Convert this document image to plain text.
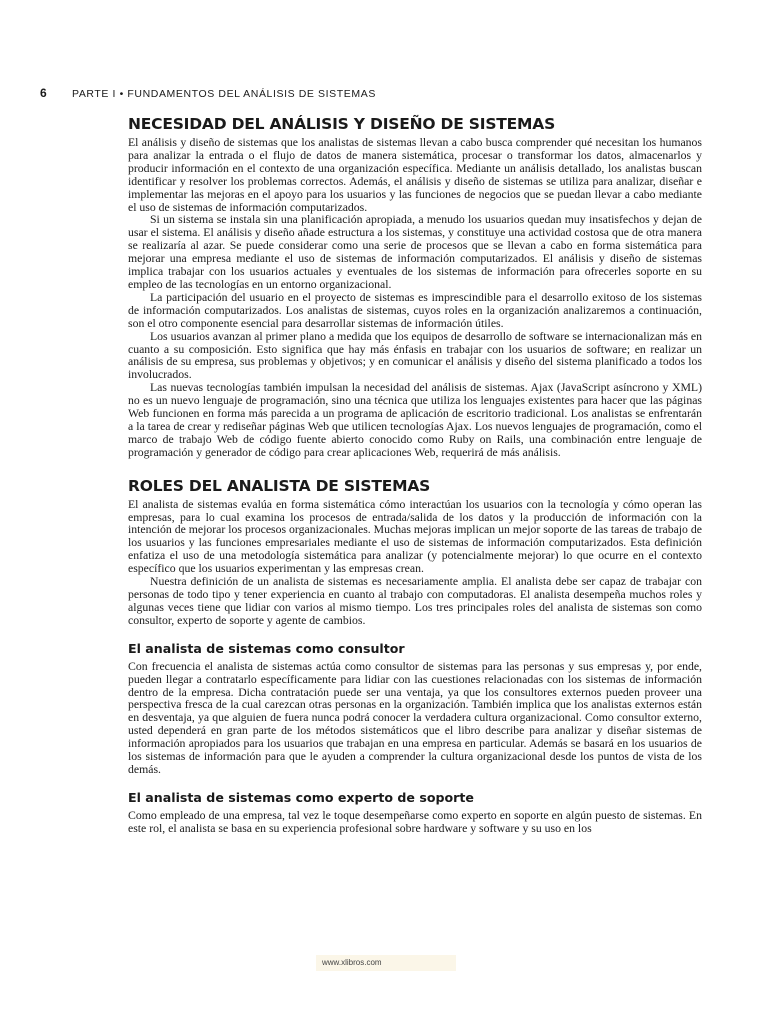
6 PARTE I • FUNDAMENTOS DEL ANÁLISIS DE SISTEMAS
NECESIDAD DEL ANÁLISIS Y DISEÑO DE SISTEMAS

El análisis y diseño de sistemas que los analistas de sistemas llevan a cabo busca comprender qué necesitan los humanos para analizar la entrada o el flujo de datos de manera sistemática, procesar o transformar los datos, almacenarlos y producir información en el contexto de una organización específica. Mediante un análisis detallado, los analistas buscan identificar y resolver los problemas correctos. Además, el análisis y diseño de sistemas se utiliza para analizar, diseñar e implementar las mejoras en el apoyo para los usuarios y las funciones de negocios que se puedan llevar a cabo mediante el uso de sistemas de información computarizados.

Si un sistema se instala sin una planificación apropiada, a menudo los usuarios quedan muy insatisfechos y dejan de usar el sistema. El análisis y diseño añade estructura a los sistemas, y constituye una actividad costosa que de otra manera se realizaría al azar. Se puede considerar como una serie de procesos que se llevan a cabo en forma sistemática para mejorar una empresa mediante el uso de sistemas de información computarizados. El análisis y diseño de sistemas implica trabajar con los usuarios actuales y eventuales de los sistemas de información para ofrecerles soporte en su empleo de las tecnologías en un entorno organizacional.

La participación del usuario en el proyecto de sistemas es imprescindible para el desarrollo exitoso de los sistemas de información computarizados. Los analistas de sistemas, cuyos roles en la organización analizaremos a continuación, son el otro componente esencial para desarrollar sistemas de información útiles.

Los usuarios avanzan al primer plano a medida que los equipos de desarrollo de software se internacionalizan más en cuanto a su composición. Esto significa que hay más énfasis en trabajar con los usuarios de software; en realizar un análisis de su empresa, sus problemas y objetivos; y en comunicar el análisis y diseño del sistema planificado a todos los involucrados.

Las nuevas tecnologías también impulsan la necesidad del análisis de sistemas. Ajax (JavaScript asíncrono y XML) no es un nuevo lenguaje de programación, sino una técnica que utiliza los lenguajes existentes para hacer que las páginas Web funcionen en forma más parecida a un programa de aplicación de escritorio tradicional. Los analistas se enfrentarán a la tarea de crear y rediseñar páginas Web que utilicen tecnologías Ajax. Los nuevos lenguajes de programación, como el marco de trabajo Web de código fuente abierto conocido como Ruby on Rails, una combinación entre lenguaje de programación y generador de código para crear aplicaciones Web, requerirá de más análisis.

ROLES DEL ANALISTA DE SISTEMAS

El analista de sistemas evalúa en forma sistemática cómo interactúan los usuarios con la tecnología y cómo operan las empresas, para lo cual examina los procesos de entrada/salida de los datos y la producción de información con la intención de mejorar los procesos organizacionales. Muchas mejoras implican un mejor soporte de las tareas de trabajo de los usuarios y las funciones empresariales mediante el uso de sistemas de información computarizados. Esta definición enfatiza el uso de una metodología sistemática para analizar (y potencialmente mejorar) lo que ocurre en el contexto específico que los usuarios experimentan y las empresas crean.

Nuestra definición de un analista de sistemas es necesariamente amplia. El analista debe ser capaz de trabajar con personas de todo tipo y tener experiencia en cuanto al trabajo con computadoras. El analista desempeña muchos roles y algunas veces tiene que lidiar con varios al mismo tiempo. Los tres principales roles del analista de sistemas son como consultor, experto de soporte y agente de cambios.

El analista de sistemas como consultor

Con frecuencia el analista de sistemas actúa como consultor de sistemas para las personas y sus empresas y, por ende, pueden llegar a contratarlo específicamente para lidiar con las cuestiones relacionadas con los sistemas de información dentro de la empresa. Dicha contratación puede ser una ventaja, ya que los consultores externos pueden proveer una perspectiva fresca de la cual carezcan otras personas en la organización. También implica que los analistas externos están en desventaja, ya que alguien de fuera nunca podrá conocer la verdadera cultura organizacional. Como consultor externo, usted dependerá en gran parte de los métodos sistemáticos que el libro describe para analizar y diseñar sistemas de información apropiados para los usuarios que trabajan en una empresa en particular. Además se basará en los usuarios de los sistemas de información para que le ayuden a comprender la cultura organizacional desde los puntos de vista de los demás.

El analista de sistemas como experto de soporte

Como empleado de una empresa, tal vez le toque desempeñarse como experto en soporte en algún puesto de sistemas. En este rol, el analista se basa en su experiencia profesional sobre hardware y software y su uso en los

www.xlibros.com
